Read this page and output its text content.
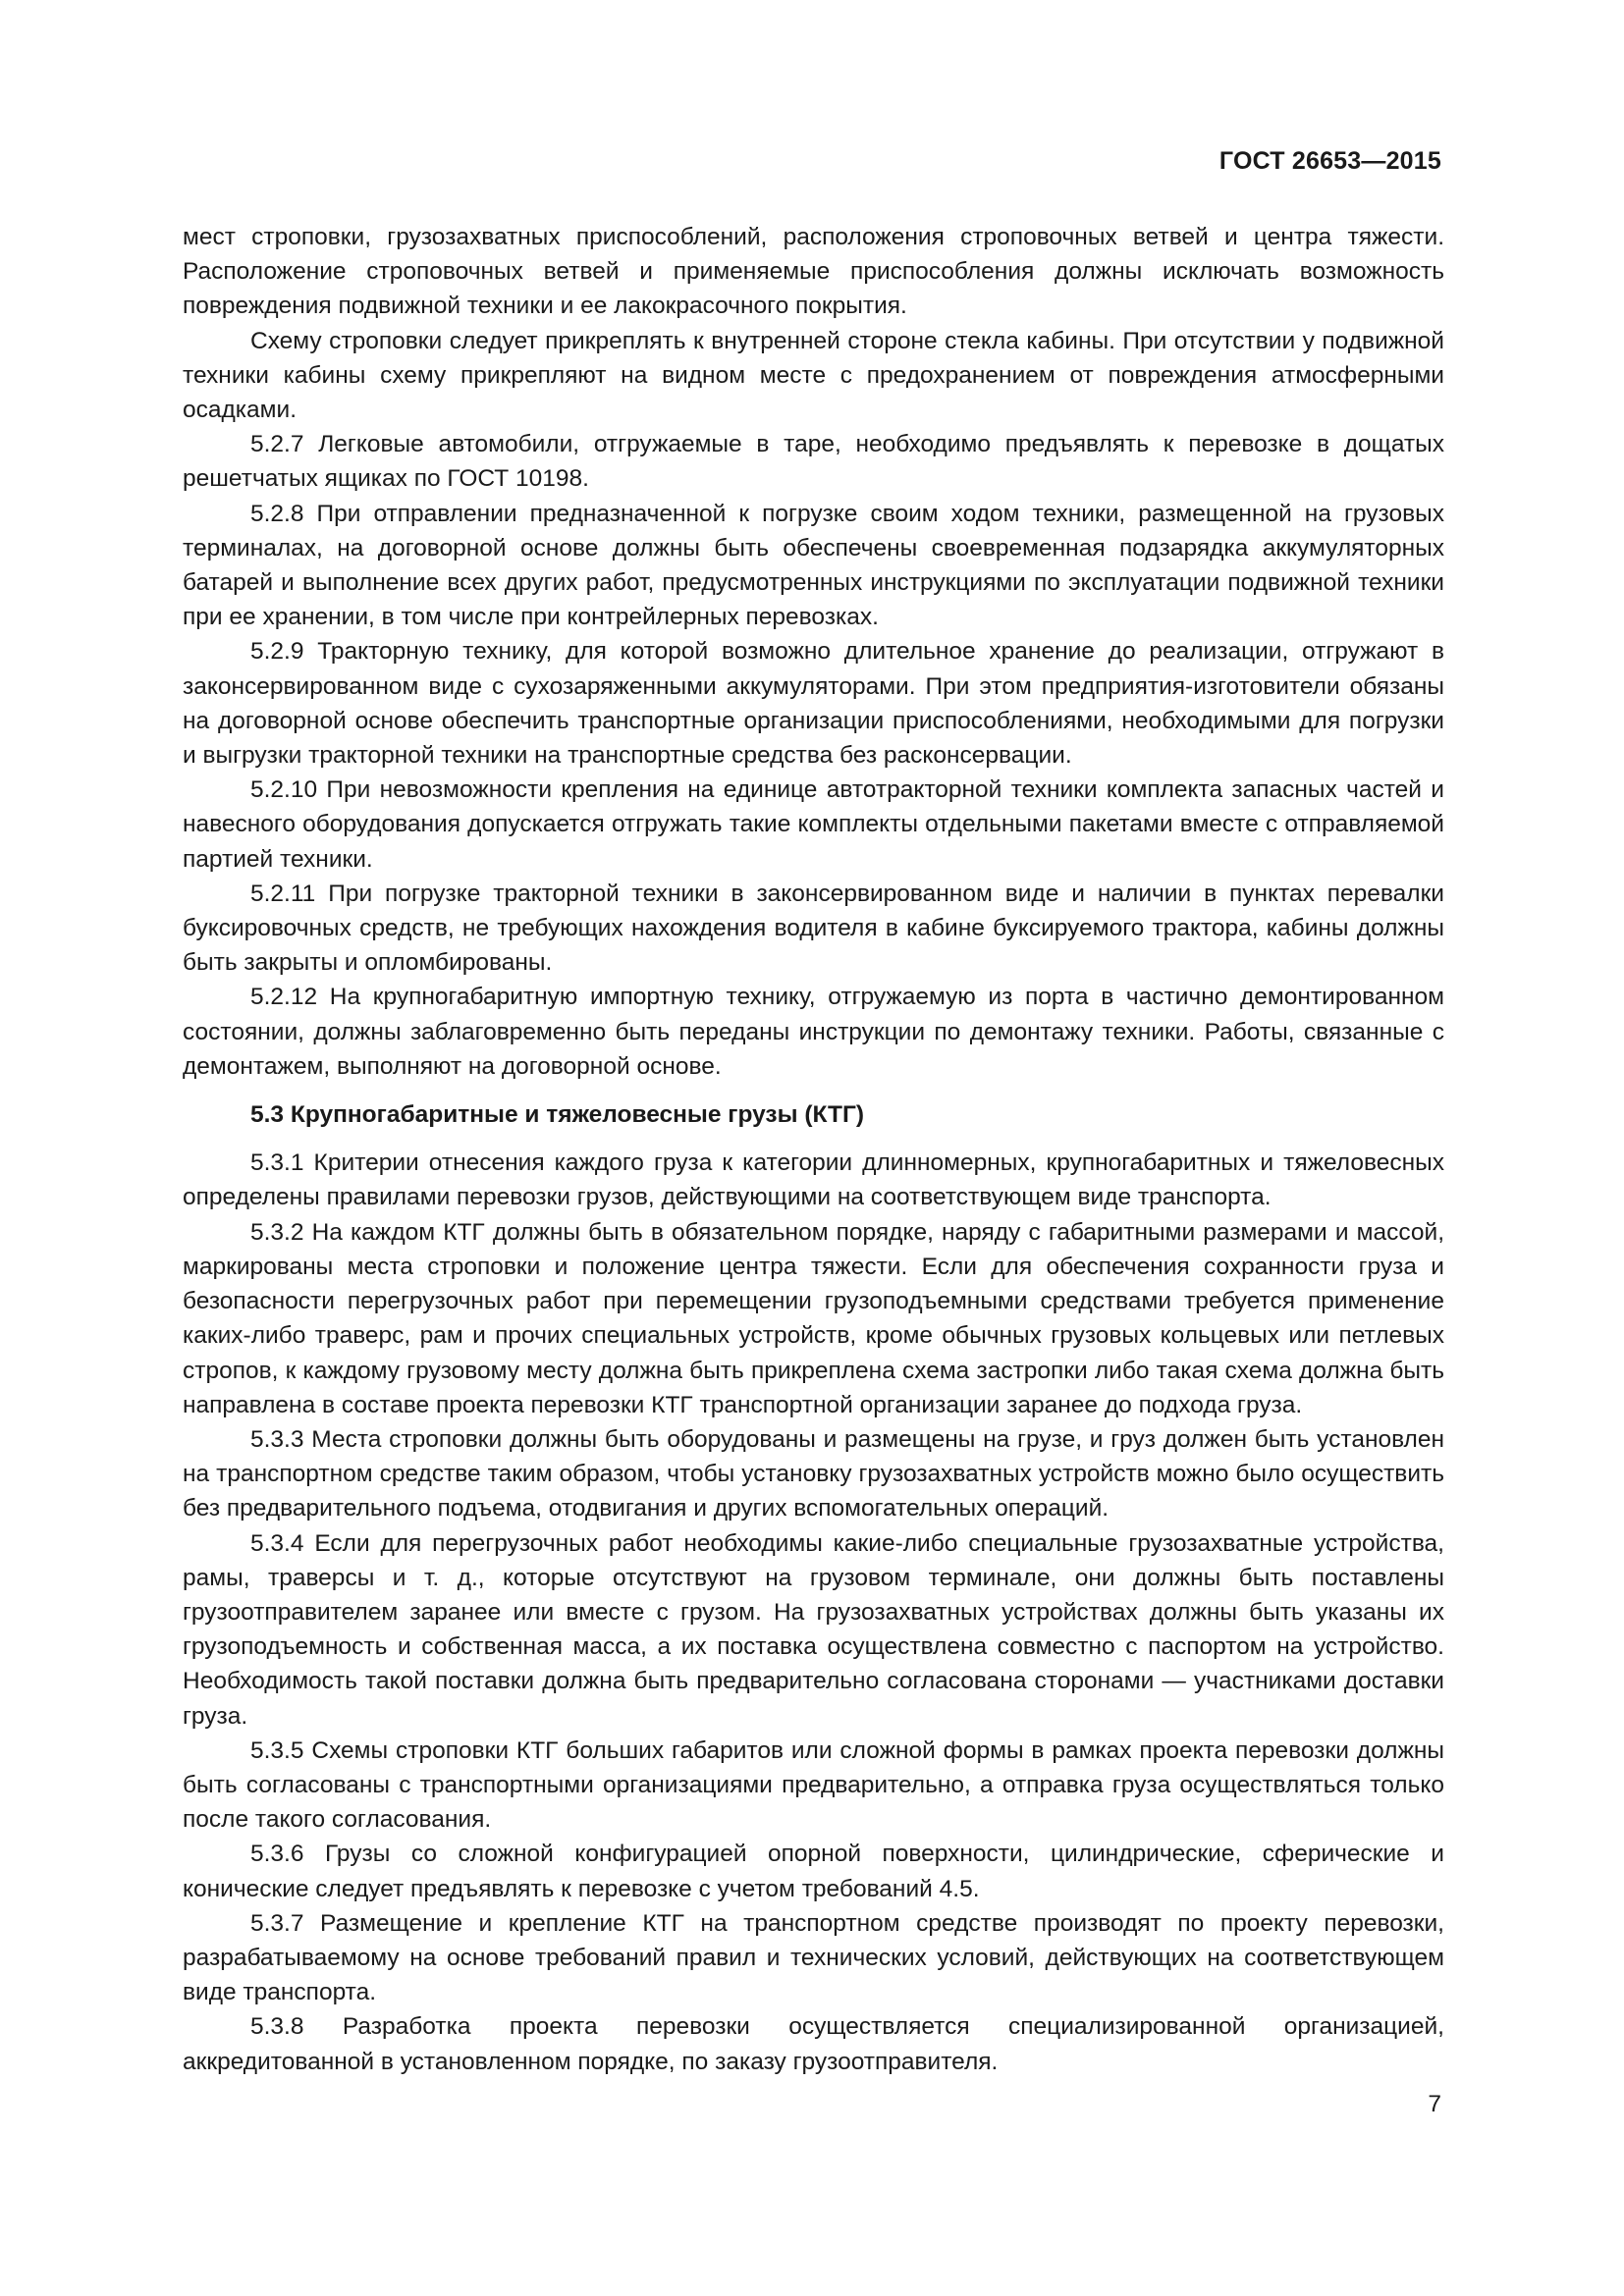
ГОСТ 26653—2015

мест строповки, грузозахватных приспособлений, расположения строповочных ветвей и центра тяжести. Расположение строповочных ветвей и применяемые приспособления должны исключать возможность повреждения подвижной техники и ее лакокрасочного покрытия.

Схему строповки следует прикреплять к внутренней стороне стекла кабины. При отсутствии у подвижной техники кабины схему прикрепляют на видном месте с предохранением от повреждения атмосферными осадками.

5.2.7 Легковые автомобили, отгружаемые в таре, необходимо предъявлять к перевозке в дощатых решетчатых ящиках по ГОСТ 10198.

5.2.8 При отправлении предназначенной к погрузке своим ходом техники, размещенной на грузовых терминалах, на договорной основе должны быть обеспечены своевременная подзарядка аккумуляторных батарей и выполнение всех других работ, предусмотренных инструкциями по эксплуатации подвижной техники при ее хранении, в том числе при контрейлерных перевозках.

5.2.9 Тракторную технику, для которой возможно длительное хранение до реализации, отгружают в законсервированном виде с сухозаряженными аккумуляторами. При этом предприятия-изготовители обязаны на договорной основе обеспечить транспортные организации приспособлениями, необходимыми для погрузки и выгрузки тракторной техники на транспортные средства без расконсервации.

5.2.10 При невозможности крепления на единице автотракторной техники комплекта запасных частей и навесного оборудования допускается отгружать такие комплекты отдельными пакетами вместе с отправляемой партией техники.

5.2.11 При погрузке тракторной техники в законсервированном виде и наличии в пунктах перевалки буксировочных средств, не требующих нахождения водителя в кабине буксируемого трактора, кабины должны быть закрыты и опломбированы.

5.2.12 На крупногабаритную импортную технику, отгружаемую из порта в частично демонтированном состоянии, должны заблаговременно быть переданы инструкции по демонтажу техники. Работы, связанные с демонтажем, выполняют на договорной основе.

5.3 Крупногабаритные и тяжеловесные грузы (КТГ)

5.3.1 Критерии отнесения каждого груза к категории длинномерных, крупногабаритных и тяжеловесных определены правилами перевозки грузов, действующими на соответствующем виде транспорта.

5.3.2 На каждом КТГ должны быть в обязательном порядке, наряду с габаритными размерами и массой, маркированы места строповки и положение центра тяжести. Если для обеспечения сохранности груза и безопасности перегрузочных работ при перемещении грузоподъемными средствами требуется применение каких-либо траверс, рам и прочих специальных устройств, кроме обычных грузовых кольцевых или петлевых стропов, к каждому грузовому месту должна быть прикреплена схема застропки либо такая схема должна быть направлена в составе проекта перевозки КТГ транспортной организации заранее до подхода груза.

5.3.3 Места строповки должны быть оборудованы и размещены на грузе, и груз должен быть установлен на транспортном средстве таким образом, чтобы установку грузозахватных устройств можно было осуществить без предварительного подъема, отодвигания и других вспомогательных операций.

5.3.4 Если для перегрузочных работ необходимы какие-либо специальные грузозахватные устройства, рамы, траверсы и т. д., которые отсутствуют на грузовом терминале, они должны быть поставлены грузоотправителем заранее или вместе с грузом. На грузозахватных устройствах должны быть указаны их грузоподъемность и собственная масса, а их поставка осуществлена совместно с паспортом на устройство. Необходимость такой поставки должна быть предварительно согласована сторонами — участниками доставки груза.

5.3.5 Схемы строповки КТГ больших габаритов или сложной формы в рамках проекта перевозки должны быть согласованы с транспортными организациями предварительно, а отправка груза осуществляться только после такого согласования.

5.3.6 Грузы со сложной конфигурацией опорной поверхности, цилиндрические, сферические и конические следует предъявлять к перевозке с учетом требований 4.5.

5.3.7 Размещение и крепление КТГ на транспортном средстве производят по проекту перевозки, разрабатываемому на основе требований правил и технических условий, действующих на соответствующем виде транспорта.

5.3.8 Разработка проекта перевозки осуществляется специализированной организацией, аккредитованной в установленном порядке, по заказу грузоотправителя.

7
